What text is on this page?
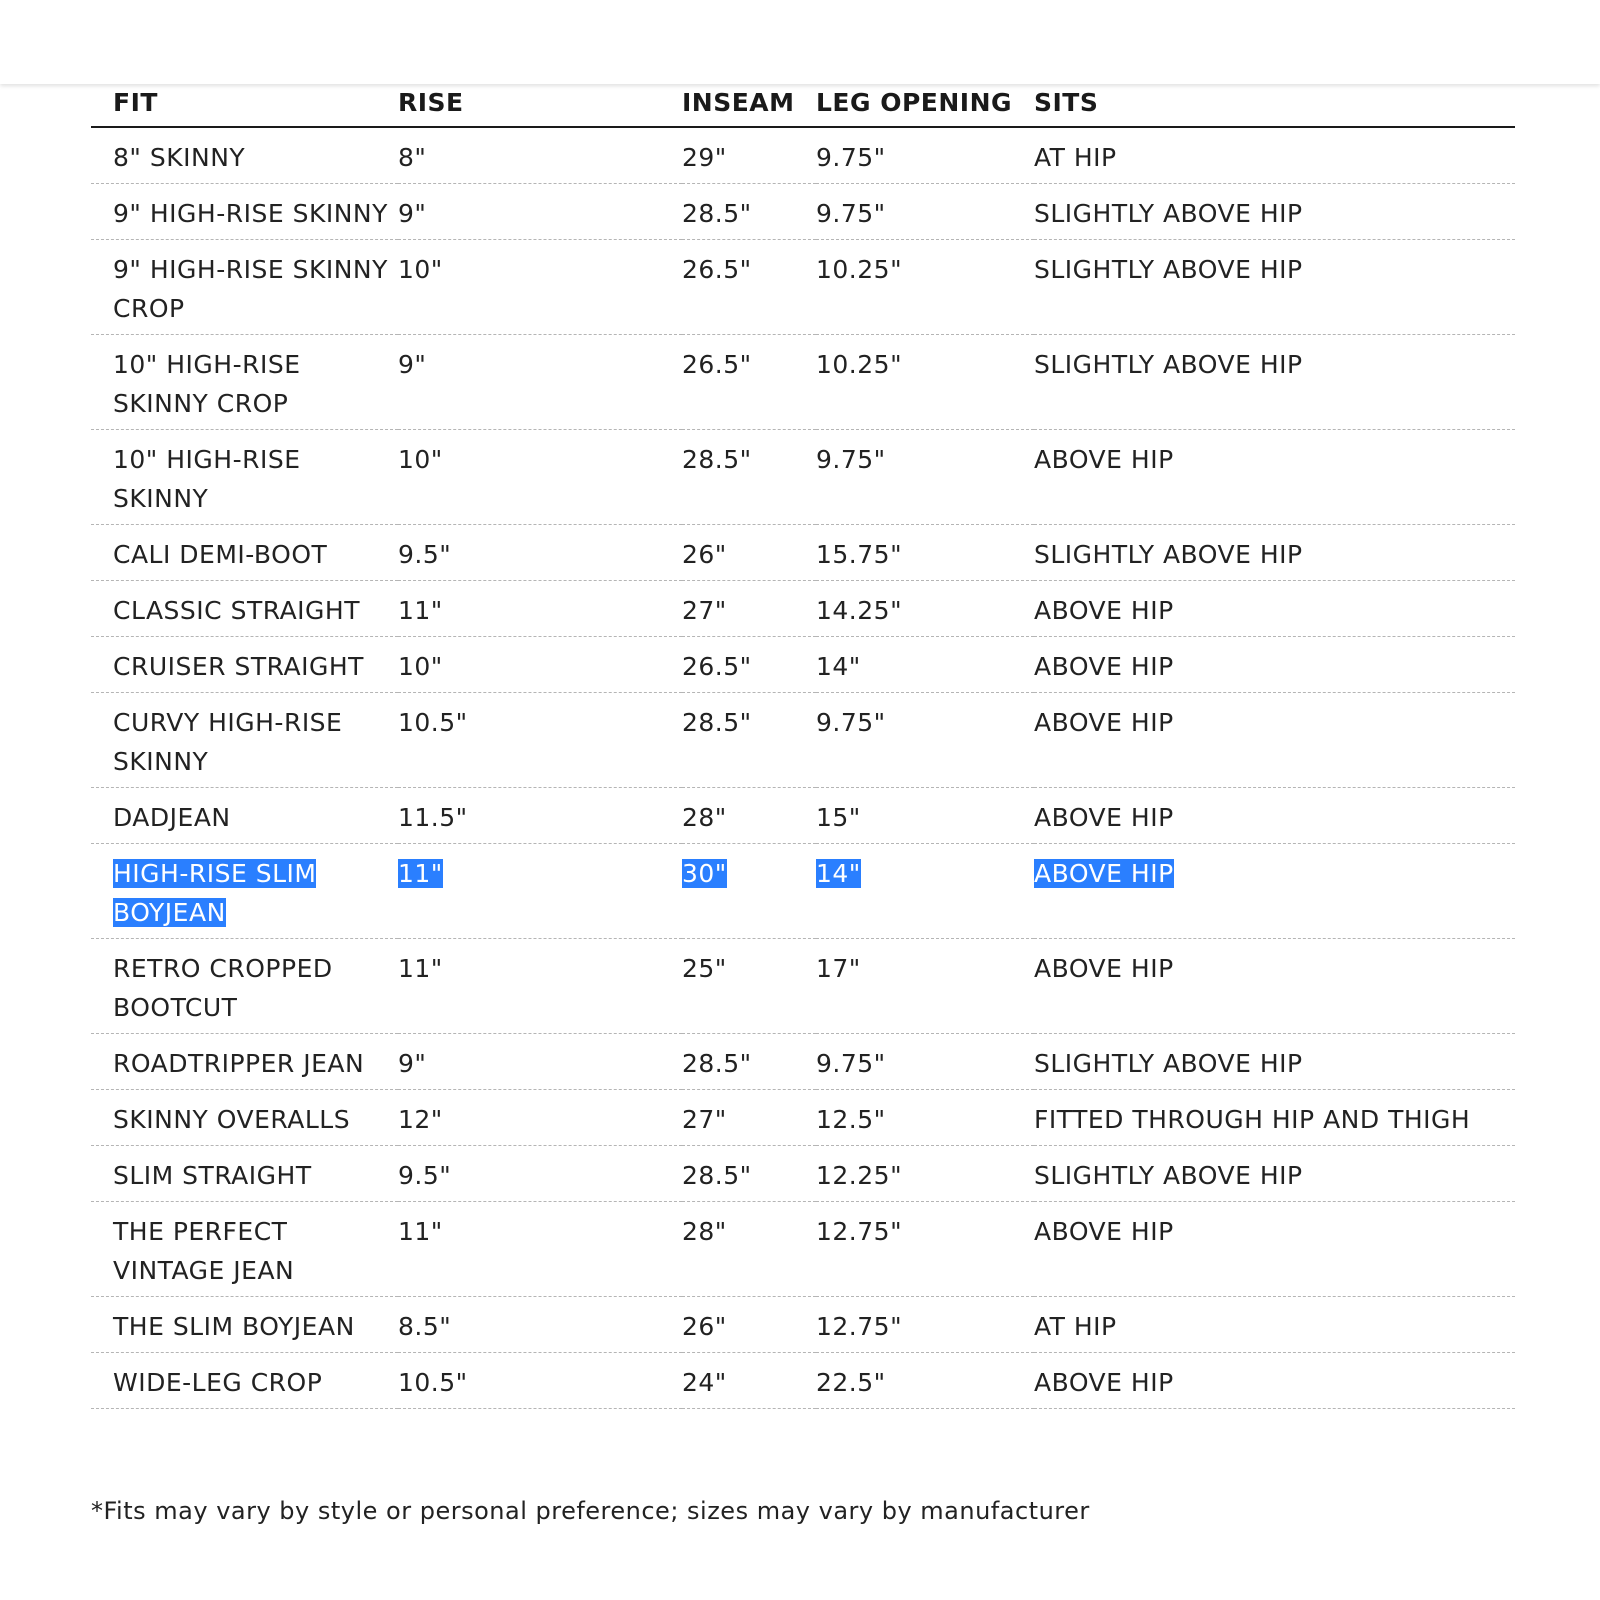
FIT	RISE	INSEAM	LEG OPENING	SITS
8" SKINNY	8"	29"	9.75"	AT HIP
9" HIGH-RISE SKINNY	9"	28.5"	9.75"	SLIGHTLY ABOVE HIP
9" HIGH-RISE SKINNY CROP	10"	26.5"	10.25"	SLIGHTLY ABOVE HIP
10" HIGH-RISE SKINNY CROP	9"	26.5"	10.25"	SLIGHTLY ABOVE HIP
10" HIGH-RISE SKINNY	10"	28.5"	9.75"	ABOVE HIP
CALI DEMI-BOOT	9.5"	26"	15.75"	SLIGHTLY ABOVE HIP
CLASSIC STRAIGHT	11"	27"	14.25"	ABOVE HIP
CRUISER STRAIGHT	10"	26.5"	14"	ABOVE HIP
CURVY HIGH-RISE SKINNY	10.5"	28.5"	9.75"	ABOVE HIP
DADJEAN	11.5"	28"	15"	ABOVE HIP
HIGH-RISE SLIM BOYJEAN	11"	30"	14"	ABOVE HIP
RETRO CROPPED BOOTCUT	11"	25"	17"	ABOVE HIP
ROADTRIPPER JEAN	9"	28.5"	9.75"	SLIGHTLY ABOVE HIP
SKINNY OVERALLS	12"	27"	12.5"	FITTED THROUGH HIP AND THIGH
SLIM STRAIGHT	9.5"	28.5"	12.25"	SLIGHTLY ABOVE HIP
THE PERFECT VINTAGE JEAN	11"	28"	12.75"	ABOVE HIP
THE SLIM BOYJEAN	8.5"	26"	12.75"	AT HIP
WIDE-LEG CROP	10.5"	24"	22.5"	ABOVE HIP
*Fits may vary by style or personal preference; sizes may vary by manufacturer
